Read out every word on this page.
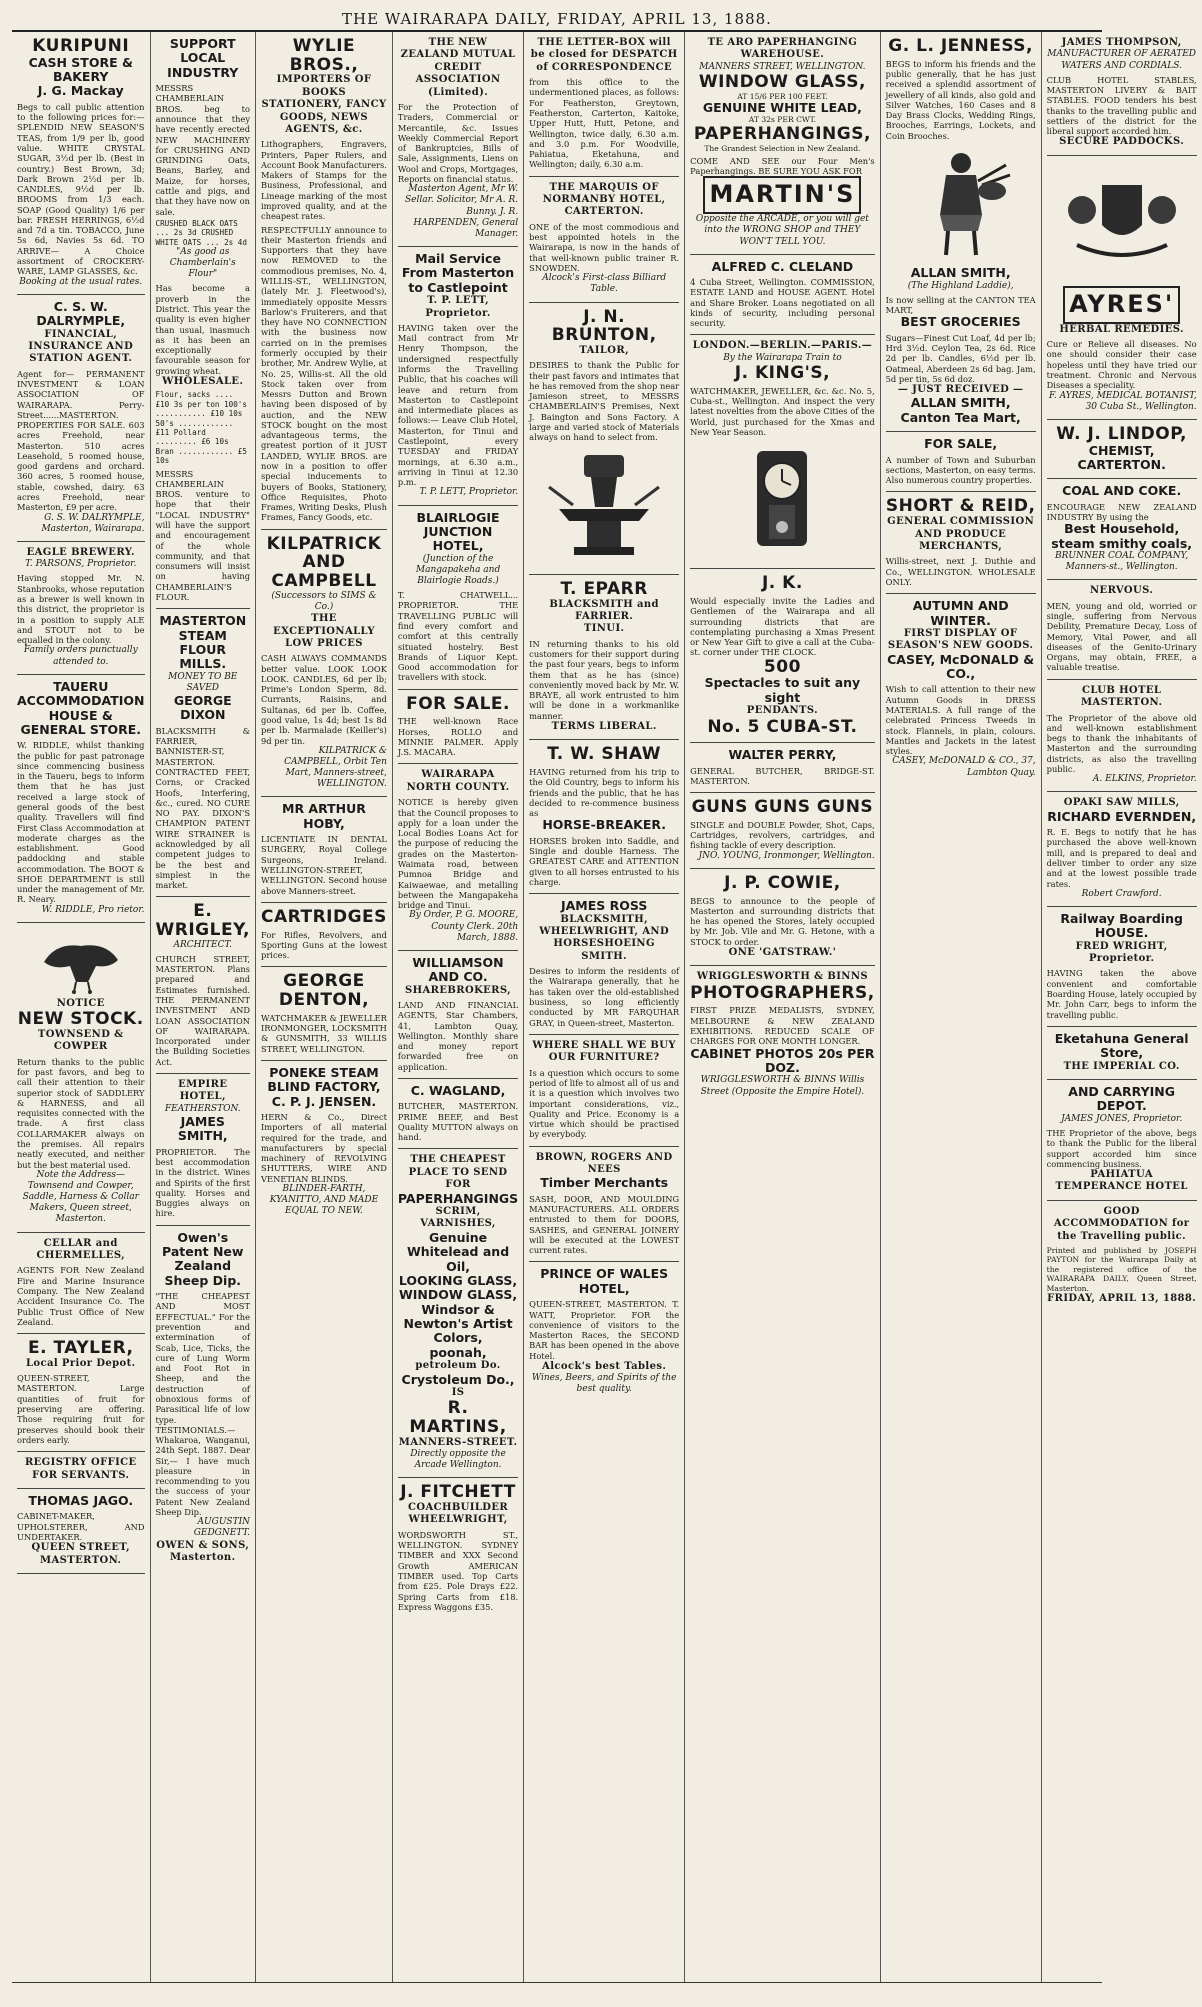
THE WAIRARAPA DAILY, FRIDAY, APRIL 13, 1888.
KURIPUNI
CASH STORE & BAKERY
J. G. Mackay
Begs to call public attention to the following prices for:— SPLENDID NEW SEASON'S TEAS, from 1/9 per lb, good value. WHITE CRYSTAL SUGAR, 3½d per lb. (Best in country.) Best Brown, 3d; Dark Brown 2½d per lb. CANDLES, 9½d per lb. BROOMS from 1/3 each. SOAP (Good Quality) 1/6 per bar. FRESH HERRINGS, 6½d and 7d a tin. TOBACCO, June 5s 6d, Navies 5s 6d. TO ARRIVE— A Choice assortment of CROCKERY-WARE, LAMP GLASSES, &c.
Booking at the usual rates.
C. S. W. DALRYMPLE,
FINANCIAL, INSURANCE AND STATION AGENT.
Agent for— PERMANENT INVESTMENT & LOAN ASSOCIATION OF WAIRARAPA. Perry-Street......MASTERTON. PROPERTIES FOR SALE. 603 acres Freehold, near Masterton. 510 acres Leasehold, 5 roomed house, good gardens and orchard. 360 acres, 5 roomed house, stable, cowshed, dairy. 63 acres Freehold, near Masterton, £9 per acre.
G. S. W. DALRYMPLE, Masterton, Wairarapa.
EAGLE BREWERY.
T. PARSONS, Proprietor.
Having stopped Mr. N. Stanbrooks, whose reputation as a brewer is well known in this district, the proprietor is in a position to supply ALE and STOUT not to be equalled in the colony.
Family orders punctually attended to.
TAUERU ACCOMMODATION HOUSE & GENERAL STORE.
W. RIDDLE, whilst thanking the public for past patronage since commencing business in the Taueru, begs to inform them that he has just received a large stock of general goods of the best quality. Travellers will find First Class Accommodation at moderate charges as the establishment. Good paddocking and stable accommodation. The BOOT & SHOE DEPARTMENT is still under the management of Mr. R. Neary.
W. RIDDLE, Pro rietor.
NOTICE
NEW STOCK.
TOWNSEND & COWPER
Return thanks to the public for past favors, and beg to call their attention to their superior stock of SADDLERY & HARNESS, and all requisites connected with the trade. A first class COLLARMAKER always on the premises. All repairs neatly executed, and neither but the best material used.
Note the Address— Townsend and Cowper, Saddle, Harness & Collar Makers, Queen street, Masterton.
CELLAR and CHERMELLES,
AGENTS FOR New Zealand Fire and Marine Insurance Company. The New Zealand Accident Insurance Co. The Public Trust Office of New Zealand.
E. TAYLER,
Local Prior Depot.
QUEEN-STREET, MASTERTON. Large quantities of fruit for preserving are offering. Those requiring fruit for preserves should book their orders early.
REGISTRY OFFICE FOR SERVANTS.
THOMAS JAGO.
CABINET-MAKER, UPHOLSTERER, AND UNDERTAKER.
QUEEN STREET, MASTERTON.
SUPPORT LOCAL INDUSTRY
MESSRS CHAMBERLAIN BROS. beg to announce that they have recently erected NEW MACHINERY for CRUSHING AND GRINDING Oats, Beans, Barley, and Maize, for horses, cattle and pigs, and that they have now on sale.
CRUSHED BLACK OATS ... 2s 3d CRUSHED WHITE OATS ... 2s 4d
"As good as Chamberlain's Flour"
Has become a proverb in the District. This year the quality is even higher than usual, inasmuch as it has been an exceptionally favourable season for growing wheat.
WHOLESALE.
Flour, sacks .... £10 3s per ton 100's ........... £10 10s 50's ............ £11 Pollard ......... £6 10s Bran ............ £5 10s
MESSRS CHAMBERLAIN BROS. venture to hope that their "LOCAL INDUSTRY" will have the support and encouragement of the whole community, and that consumers will insist on having CHAMBERLAIN'S FLOUR.
MASTERTON
STEAM FLOUR MILLS.
MONEY TO BE SAVED
GEORGE DIXON
BLACKSMITH & FARRIER, BANNISTER-ST, MASTERTON. CONTRACTED FEET, Corns, or Cracked Hoofs, Interfering, &c., cured. NO CURE NO PAY. DIXON'S CHAMPION PATENT WIRE STRAINER is acknowledged by all competent judges to be the best and simplest in the market.
E. WRIGLEY,
ARCHITECT.
CHURCH STREET, MASTERTON. Plans prepared and Estimates furnished. THE PERMANENT INVESTMENT AND LOAN ASSOCIATION OF WAIRARAPA. Incorporated under the Building Societies Act.
EMPIRE HOTEL,
FEATHERSTON.
JAMES SMITH,
PROPRIETOR. The best accommodation in the district. Wines and Spirits of the first quality. Horses and Buggies always on hire.
Owen's Patent New Zealand Sheep Dip.
"THE CHEAPEST AND MOST EFFECTUAL." For the prevention and extermination of Scab, Lice, Ticks, the cure of Lung Worm and Foot Rot in Sheep, and the destruction of obnoxious forms of Parasitical life of low type. TESTIMONIALS.— Whakaroa, Wanganui, 24th Sept. 1887. Dear Sir,— I have much pleasure in recommending to you the success of your Patent New Zealand Sheep Dip.
AUGUSTIN GEDGNETT.
OWEN & SONS, Masterton.
WYLIE BROS.,
IMPORTERS OF BOOKS STATIONERY, FANCY GOODS, NEWS AGENTS, &c.
Lithographers, Engravers, Printers, Paper Rulers, and Account Book Manufacturers. Makers of Stamps for the Business, Professional, and Lineage marking of the most improved quality, and at the cheapest rates.
RESPECTFULLY announce to their Masterton friends and Supporters that they have now REMOVED to the commodious premises, No. 4, WILLIS-ST., WELLINGTON, (lately Mr. J. Fleetwood's), immediately opposite Messrs Barlow's Fruiterers, and that they have NO CONNECTION with the business now carried on in the premises formerly occupied by their brother, Mr. Andrew Wylie, at No. 25, Willis-st. All the old Stock taken over from Messrs Dutton and Brown having been disposed of by auction, and the NEW STOCK bought on the most advantageous terms, the greatest portion of it JUST LANDED, WYLIE BROS. are now in a position to offer special inducements to buyers of Books, Stationery, Office Requisites, Photo Frames, Writing Desks, Plush Frames, Fancy Goods, etc.
KILPATRICK AND CAMPBELL
(Successors to SIMS & Co.)
THE EXCEPTIONALLY LOW PRICES
CASH ALWAYS COMMANDS better value. LOOK LOOK LOOK. CANDLES, 6d per lb; Prime's London Sperm, 8d. Currants, Raisins, and Sultanas, 6d per lb. Coffee, good value, 1s 4d; best 1s 8d per lb. Marmalade (Keiller's) 9d per tin.
KILPATRICK & CAMPBELL, Orbit Ten Mart, Manners-street, WELLINGTON.
MR ARTHUR HOBY,
LICENTIATE IN DENTAL SURGERY, Royal College Surgeons, Ireland. WELLINGTON-STREET, WELLINGTON. Second house above Manners-street.
CARTRIDGES
For Rifles, Revolvers, and Sporting Guns at the lowest prices.
GEORGE DENTON,
WATCHMAKER & JEWELLER IRONMONGER, LOCKSMITH & GUNSMITH, 33 WILLIS STREET, WELLINGTON.
PONEKE STEAM BLIND FACTORY,
C. P. J. JENSEN.
HERN & Co., Direct Importers of all material required for the trade, and manufacturers by special machinery of REVOLVING SHUTTERS, WIRE AND VENETIAN BLINDS.
BLINDER-FARTH, KYANITTO, AND MADE EQUAL TO NEW.
THE NEW ZEALAND MUTUAL CREDIT ASSOCIATION (Limited).
For the Protection of Traders, Commercial or Mercantile, &c. Issues Weekly Commercial Report of Bankruptcies, Bills of Sale, Assignments, Liens on Wool and Crops, Mortgages, Reports on financial status.
Masterton Agent, Mr W. Sellar. Solicitor, Mr A. R. Bunny. J. R. HARPENDEN, General Manager.
Mail Service From Masterton to Castlepoint
T. P. LETT, Proprietor.
HAVING taken over the Mail contract from Mr Henry Thompson, the undersigned respectfully informs the Travelling Public, that his coaches will leave and return from Masterton to Castlepoint and intermediate places as follows:— Leave Club Hotel, Masterton, for Tinui and Castlepoint, every TUESDAY and FRIDAY mornings, at 6.30 a.m., arriving in Tinui at 12.30 p.m.
T. P. LETT, Proprietor.
BLAIRLOGIE JUNCTION HOTEL,
(Junction of the Mangapakeha and Blairlogie Roads.)
T. CHATWELL... PROPRIETOR. THE TRAVELLING PUBLIC will find every comfort and comfort at this centrally situated hostelry. Best Brands of Liquor Kept. Good accommodation for travellers with stock.
FOR SALE.
THE well-known Race Horses, ROLLO and MINNIE PALMER. Apply J.S. MACARA.
WAIRARAPA NORTH COUNTY.
NOTICE is hereby given that the Council proposes to apply for a loan under the Local Bodies Loans Act for the purpose of reducing the grades on the Masterton-Waimata road, between Pumnoa Bridge and Kaiwaewae, and metalling between the Mangapakeha bridge and Tinui.
By Order, P. G. MOORE, County Clerk. 20th March, 1888.
WILLIAMSON AND CO.
SHAREBROKERS,
LAND AND FINANCIAL AGENTS, Star Chambers, 41, Lambton Quay, Wellington. Monthly share and money report forwarded free on application.
C. WAGLAND,
BUTCHER, MASTERTON. PRIME BEEF, and Best Quality MUTTON always on hand.
THE CHEAPEST PLACE TO SEND FOR
PAPERHANGINGS
SCRIM,
VARNISHES,
Genuine Whitelead and Oil,
LOOKING GLASS,
WINDOW GLASS,
Windsor & Newton's Artist Colors,
poonah,
petroleum Do.
Crystoleum Do.,
IS
R. MARTINS,
MANNERS-STREET.
Directly opposite the Arcade Wellington.
J. FITCHETT
COACHBUILDER WHEELWRIGHT,
WORDSWORTH ST., WELLINGTON. SYDNEY TIMBER and XXX Second Growth AMERICAN TIMBER used. Top Carts from £25. Pole Drays £22. Spring Carts from £18. Express Waggons £35.
THE LETTER-BOX will be closed for DESPATCH of CORRESPONDENCE
from this office to the undermentioned places, as follows: For Featherston, Greytown, Featherston, Carterton, Kaitoke, Upper Hutt, Hutt, Petone, and Wellington, twice daily, 6.30 a.m. and 3.0 p.m. For Woodville, Pahiatua, Eketahuna, and Wellington; daily, 6.30 a.m.
THE MARQUIS OF NORMANBY HOTEL, CARTERTON.
ONE of the most commodious and best appointed hotels in the Wairarapa, is now in the hands of that well-known public trainer R. SNOWDEN.
Alcock's First-class Billiard Table.
J. N. BRUNTON,
TAILOR,
DESIRES to thank the Public for their past favors and intimates that he has removed from the shop near Jamieson street, to MESSRS CHAMBERLAIN'S Premises, Next J. Baington and Sons Factory. A large and varied stock of Materials always on hand to select from.
T. EPARR
BLACKSMITH and FARRIER.
TINUI.
IN returning thanks to his old customers for their support during the past four years, begs to inform them that as he has (since) conveniently moved back by Mr. W. BRAYE, all work entrusted to him will be done in a workmanlike manner.
TERMS LIBERAL.
T. W. SHAW
HAVING returned from his trip to the Old Country, begs to inform his friends and the public, that he has decided to re-commence business as
HORSE-BREAKER.
HORSES broken into Saddle, and Single and double Harness. The GREATEST CARE and ATTENTION given to all horses entrusted to his charge.
JAMES ROSS
BLACKSMITH, WHEELWRIGHT, AND HORSESHOEING SMITH.
Desires to inform the residents of the Wairarapa generally, that he has taken over the old-established business, so long efficiently conducted by MR FARQUHAR GRAY, in Queen-street, Masterton.
WHERE SHALL WE BUY OUR FURNITURE?
Is a question which occurs to some period of life to almost all of us and it is a question which involves two important considerations, viz., Quality and Price. Economy is a virtue which should be practised by everybody.
BROWN, ROGERS AND NEES
Timber Merchants
SASH, DOOR, AND MOULDING MANUFACTURERS. ALL ORDERS entrusted to them for DOORS, SASHES, and GENERAL JOINERY will be executed at the LOWEST current rates.
PRINCE OF WALES HOTEL,
QUEEN-STREET, MASTERTON. T. WATT, Proprietor. FOR the convenience of visitors to the Masterton Races, the SECOND BAR has been opened in the above Hotel.
Alcock's best Tables.
Wines, Beers, and Spirits of the best quality.
TE ARO PAPERHANGING WAREHOUSE.
MANNERS STREET, WELLINGTON.
WINDOW GLASS,
AT 15/6 PER 100 FEET.
GENUINE WHITE LEAD,
AT 32s PER CWT.
PAPERHANGINGS,
The Grandest Selection in New Zealand.
COME AND SEE our Four Men's Paperhangings. BE SURE YOU ASK FOR
MARTIN'S
Opposite the ARCADE, or you will get into the WRONG SHOP and THEY WON'T TELL YOU.
ALFRED C. CLELAND
4 Cuba Street, Wellington. COMMISSION, ESTATE LAND and HOUSE AGENT. Hotel and Share Broker. Loans negotiated on all kinds of security, including personal security.
LONDON.—BERLIN.—PARIS.—
By the Wairarapa Train to
J. KING'S,
WATCHMAKER, JEWELLER, &c. &c. No. 5, Cuba-st., Wellington. And inspect the very latest novelties from the above Cities of the World, just purchased for the Xmas and New Year Season.
J. K.
Would especially invite the Ladies and Gentlemen of the Wairarapa and all surrounding districts that are contemplating purchasing a Xmas Present or New Year Gift to give a call at the Cuba-st. corner under THE CLOCK.
500
Spectacles to suit any sight
PENDANTS.
No. 5 CUBA-ST.
WALTER PERRY,
GENERAL BUTCHER, BRIDGE-ST. MASTERTON.
GUNS GUNS GUNS
SINGLE and DOUBLE Powder, Shot, Caps, Cartridges, revolvers, cartridges, and fishing tackle of every description.
JNO. YOUNG, Ironmonger, Wellington.
J. P. COWIE,
BEGS to announce to the people of Masterton and surrounding districts that he has opened the Stores, lately occupied by Mr. Job. Vile and Mr. G. Hetone, with a STOCK to order.
ONE 'GATSTRAW.'
WRIGGLESWORTH & BINNS
PHOTOGRAPHERS,
FIRST PRIZE MEDALISTS, SYDNEY, MELBOURNE & NEW ZEALAND EXHIBITIONS. REDUCED SCALE OF CHARGES FOR ONE MONTH LONGER.
CABINET PHOTOS 20s PER DOZ.
WRIGGLESWORTH & BINNS Willis Street (Opposite the Empire Hotel).
G. L. JENNESS,
BEGS to inform his friends and the public generally, that he has just received a splendid assortment of jewellery of all kinds, also gold and Silver Watches, 160 Cases and 8 Day Brass Clocks, Wedding Rings, Brooches, Earrings, Lockets, and Coin Brooches.
ALLAN SMITH,
(The Highland Laddie),
Is now selling at the CANTON TEA MART,
BEST GROCERIES
Sugars—Finest Cut Loaf, 4d per lb; Hrd 3½d. Ceylon Tea, 2s 6d. Rice 2d per lb. Candles, 6½d per lb. Oatmeal, Aberdeen 2s 6d bag. Jam, 5d per tin, 5s 6d doz.
— JUST RECEIVED —
ALLAN SMITH,
Canton Tea Mart,
FOR SALE,
A number of Town and Suburban sections, Masterton, on easy terms. Also numerous country properties.
SHORT & REID,
GENERAL COMMISSION AND PRODUCE MERCHANTS,
Willis-street, next J. Duthie and Co., WELLINGTON. WHOLESALE ONLY.
AUTUMN AND WINTER.
FIRST DISPLAY OF SEASON'S NEW GOODS.
CASEY, McDONALD & CO.,
Wish to call attention to their new Autumn Goods in DRESS MATERIALS. A full range of the celebrated Princess Tweeds in stock. Flannels, in plain, colours. Mantles and Jackets in the latest styles.
CASEY, McDONALD & CO., 37, Lambton Quay.
JAMES THOMPSON,
MANUFACTURER OF AERATED WATERS AND CORDIALS.
CLUB HOTEL STABLES, MASTERTON LIVERY & BAIT STABLES. FOOD tenders his best thanks to the travelling public and settlers of the district for the liberal support accorded him.
SECURE PADDOCKS.
AYRES'
HERBAL REMEDIES.
Cure or Relieve all diseases. No one should consider their case hopeless until they have tried our treatment. Chronic and Nervous Diseases a speciality.
F. AYRES, MEDICAL BOTANIST, 30 Cuba St., Wellington.
W. J. LINDOP,
CHEMIST, CARTERTON.
COAL AND COKE.
ENCOURAGE NEW ZEALAND INDUSTRY By using the
Best Household, steam smithy coals,
BRUNNER COAL COMPANY, Manners-st., Wellington.
NERVOUS.
MEN, young and old, worried or single, suffering from Nervous Debility, Premature Decay, Loss of Memory, Vital Power, and all diseases of the Genito-Urinary Organs, may obtain, FREE, a valuable treatise.
CLUB HOTEL MASTERTON.
The Proprietor of the above old and well-known establishment begs to thank the inhabitants of Masterton and the surrounding districts, as also the travelling public.
A. ELKINS, Proprietor.
OPAKI SAW MILLS,
RICHARD EVERNDEN,
R. E. Begs to notify that he has purchased the above well-known mill, and is prepared to deal and deliver timber to order any size and at the lowest possible trade rates.
Robert Crawford.
Railway Boarding HOUSE.
FRED WRIGHT, Proprietor.
HAVING taken the above convenient and comfortable Boarding House, lately occupied by Mr. John Carr, begs to inform the travelling public.
Eketahuna General Store,
THE IMPERIAL CO.
AND CARRYING DEPOT.
JAMES JONES, Proprietor.
THE Proprietor of the above, begs to thank the Public for the liberal support accorded him since commencing business.
PAHIATUA TEMPERANCE HOTEL
GOOD ACCOMMODATION for the Travelling public.
Printed and published by JOSEPH PAYTON for the Wairarapa Daily at the registered office of the WAIRARAPA DAILY, Queen Street, Masterton.
FRIDAY, APRIL 13, 1888.
